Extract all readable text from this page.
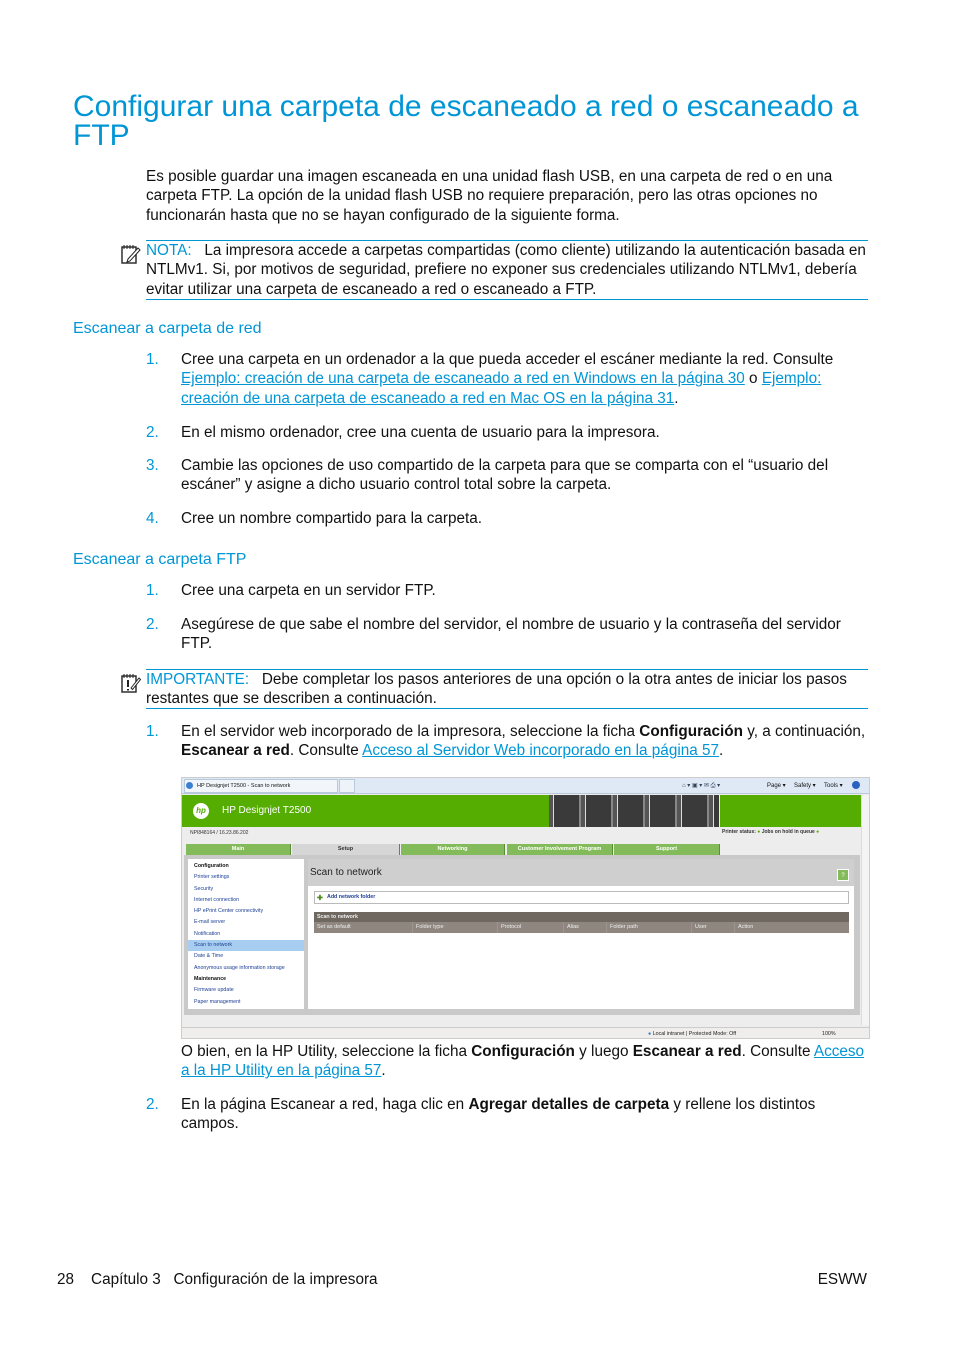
Configurar una carpeta de escaneado a red o escaneado a FTP
Es posible guardar una imagen escaneada en una unidad flash USB, en una carpeta de red o en una carpeta FTP. La opción de la unidad flash USB no requiere preparación, pero las otras opciones no funcionarán hasta que no se hayan configurado de la siguiente forma.
NOTA: La impresora accede a carpetas compartidas (como cliente) utilizando la autenticación basada en NTLMv1. Si, por motivos de seguridad, prefiere no exponer sus credenciales utilizando NTLMv1, debería evitar utilizar una carpeta de escaneado a red o escaneado a FTP.
Escanear a carpeta de red
1. Cree una carpeta en un ordenador a la que pueda acceder el escáner mediante la red. Consulte Ejemplo: creación de una carpeta de escaneado a red en Windows en la página 30 o Ejemplo: creación de una carpeta de escaneado a red en Mac OS en la página 31.
2. En el mismo ordenador, cree una cuenta de usuario para la impresora.
3. Cambie las opciones de uso compartido de la carpeta para que se comparta con el “usuario del escáner” y asigne a dicho usuario control total sobre la carpeta.
4. Cree un nombre compartido para la carpeta.
Escanear a carpeta FTP
1. Cree una carpeta en un servidor FTP.
2. Asegúrese de que sabe el nombre del servidor, el nombre de usuario y la contraseña del servidor FTP.
IMPORTANTE: Debe completar los pasos anteriores de una opción o la otra antes de iniciar los pasos restantes que se describen a continuación.
1. En el servidor web incorporado de la impresora, seleccione la ficha Configuración y, a continuación, Escanear a red. Consulte Acceso al Servidor Web incorporado en la página 57.
HP Designjet T2500 - Scan to network	⌂ ▾ ▣ ▾ ✉ ⎙ ▾	Page ▾ Safety ▾ Tools ▾
hp	HP Designjet T2500
NPI848164 / 16.23.86.202	Printer status: ● Jobs on hold in queue ●
Main	Setup	Networking	Customer Involvement Program	Support
Configuration
Printer settings
Security
Internet connection
HP ePrint Center connectivity
E-mail server
Notification
Scan to network
Date & Time
Anonymous usage information storage
Maintenance
Firmware update
Paper management
Scan to network	?
✚ Add network folder
Scan to network
Set as default	Folder type	Protocol	Alias	Folder path	User	Action
● Local intranet | Protected Mode: Off	100%
O bien, en la HP Utility, seleccione la ficha Configuración y luego Escanear a red. Consulte Acceso a la HP Utility en la página 57.
2. En la página Escanear a red, haga clic en Agregar detalles de carpeta y rellene los distintos campos.
28 Capítulo 3 Configuración de la impresora	ESWW
